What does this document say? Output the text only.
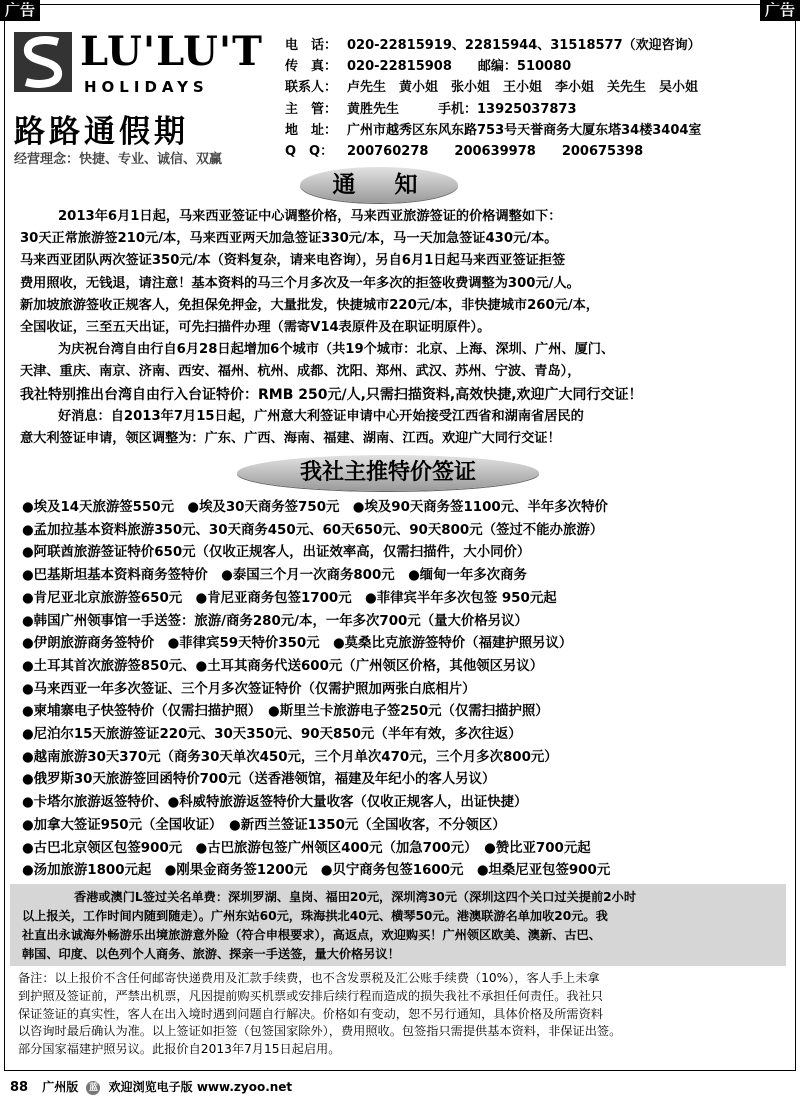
广告	广告
LU'LU'T
HOLIDAYS
路路通假期
经营理念：快捷、专业、诚信、双赢
电　话： 020-22815919、22815944、31518577（欢迎咨询）
传　真： 020-22815908　　邮编：510080
联系人： 卢先生　黄小姐　张小姐　王小姐　李小姐　关先生　吴小姐
主　管： 黄胜先生　　　手机：13925037873
地　址： 广州市越秀区东风东路753号天誉商务大厦东塔34楼3404室
Q　Q： 200760278　　200639978　　200675398
通　知

2013年6月1日起，马来西亚签证中心调整价格，马来西亚旅游签证的价格调整如下：

30天正常旅游签210元/本，马来西亚两天加急签证330元/本，马一天加急签证430元/本。

马来西亚团队两次签证350元/本（资料复杂，请来电咨询），另自6月1日起马来西亚签证拒签

费用照收，无钱退，请注意！基本资料的马三个月多次及一年多次的拒签收费调整为300元/人。

新加坡旅游签收正规客人，免担保免押金，大量批发，快捷城市220元/本，非快捷城市260元/本，

全国收证，三至五天出证，可先扫描件办理（需寄V14表原件及在职证明原件）。

为庆祝台湾自由行自6月28日起增加6个城市（共19个城市：北京、上海、深圳、广州、厦门、

天津、重庆、南京、济南、西安、福州、杭州、成都、沈阳、郑州、武汉、苏州、宁波、青岛），

我社特别推出台湾自由行入台证特价：RMB 250元/人,只需扫描资料,高效快捷,欢迎广大同行交证！

好消息：自2013年7月15日起，广州意大利签证申请中心开始接受江西省和湖南省居民的

意大利签证申请，领区调整为：广东、广西、海南、福建、湖南、江西。欢迎广大同行交证！

我社主推特价签证
●埃及14天旅游签550元　●埃及30天商务签750元　●埃及90天商务签1100元、半年多次特价
●孟加拉基本资料旅游350元、30天商务450元、60天650元、90天800元（签过不能办旅游）
●阿联酋旅游签证特价650元（仅收正规客人，出证效率高，仅需扫描件，大小同价）
●巴基斯坦基本资料商务签特价　●泰国三个月一次商务800元　●缅甸一年多次商务
●肯尼亚北京旅游签650元　●肯尼亚商务包签1700元　●菲律宾半年多次包签 950元起
●韩国广州领事馆一手送签：旅游/商务280元/本，一年多次700元（量大价格另议）
●伊朗旅游商务签特价　●菲律宾59天特价350元　●莫桑比克旅游签特价（福建护照另议）
●土耳其首次旅游签850元、●土耳其商务代送600元（广州领区价格，其他领区另议）
●马来西亚一年多次签证、三个月多次签证特价（仅需护照加两张白底相片）
●柬埔寨电子快签特价（仅需扫描护照）　●斯里兰卡旅游电子签250元（仅需扫描护照）
●尼泊尔15天旅游签证220元、30天350元、90天850元（半年有效，多次往返）
●越南旅游30天370元（商务30天单次450元，三个月单次470元，三个月多次800元）
●俄罗斯30天旅游签回函特价700元（送香港领馆，福建及年纪小的客人另议）
●卡塔尔旅游返签特价、●科威特旅游返签特价大量收客（仅收正规客人，出证快捷）
●加拿大签证950元（全国收证）　●新西兰签证1350元（全国收客，不分领区）
●古巴北京领区包签900元　●古巴旅游包签广州领区400元（加急700元）　●赞比亚700元起
●汤加旅游1800元起　●刚果金商务签1200元　●贝宁商务包签1600元　●坦桑尼亚包签900元
香港或澳门L签过关名单费：深圳罗湖、皇岗、福田20元，深圳湾30元（深圳这四个关口过关提前2小时
以上报关，工作时间内随到随走）。广州东站60元，珠海拱北40元、横琴50元。港澳联游名单加收20元。我
社直出永诚海外畅游乐出境旅游意外险（符合申根要求），高返点，欢迎购买！广州领区欧美、澳新、古巴、
韩国、印度、以色列个人商务、旅游、探亲一手送签，量大价格另议！
备注：以上报价不含任何邮寄快递费用及汇款手续费，也不含发票税及汇公账手续费（10%），客人手上未拿
到护照及签证前，严禁出机票，凡因提前购买机票或安排后续行程而造成的损失我社不承担任何责任。我社只
保证签证的真实性，客人在出入境时遇到问题自行解决。价格如有变动，恕不另行通知，具体价格及所需资料
以咨询时最后确认为准。以上签证如拒签（包签国家除外），费用照收。包签指只需提供基本资料，非保证出签。
部分国家福建护照另议。此报价自2013年7月15日起启用。
88 广州版 蓝 欢迎浏览电子版 www.zyoo.net
